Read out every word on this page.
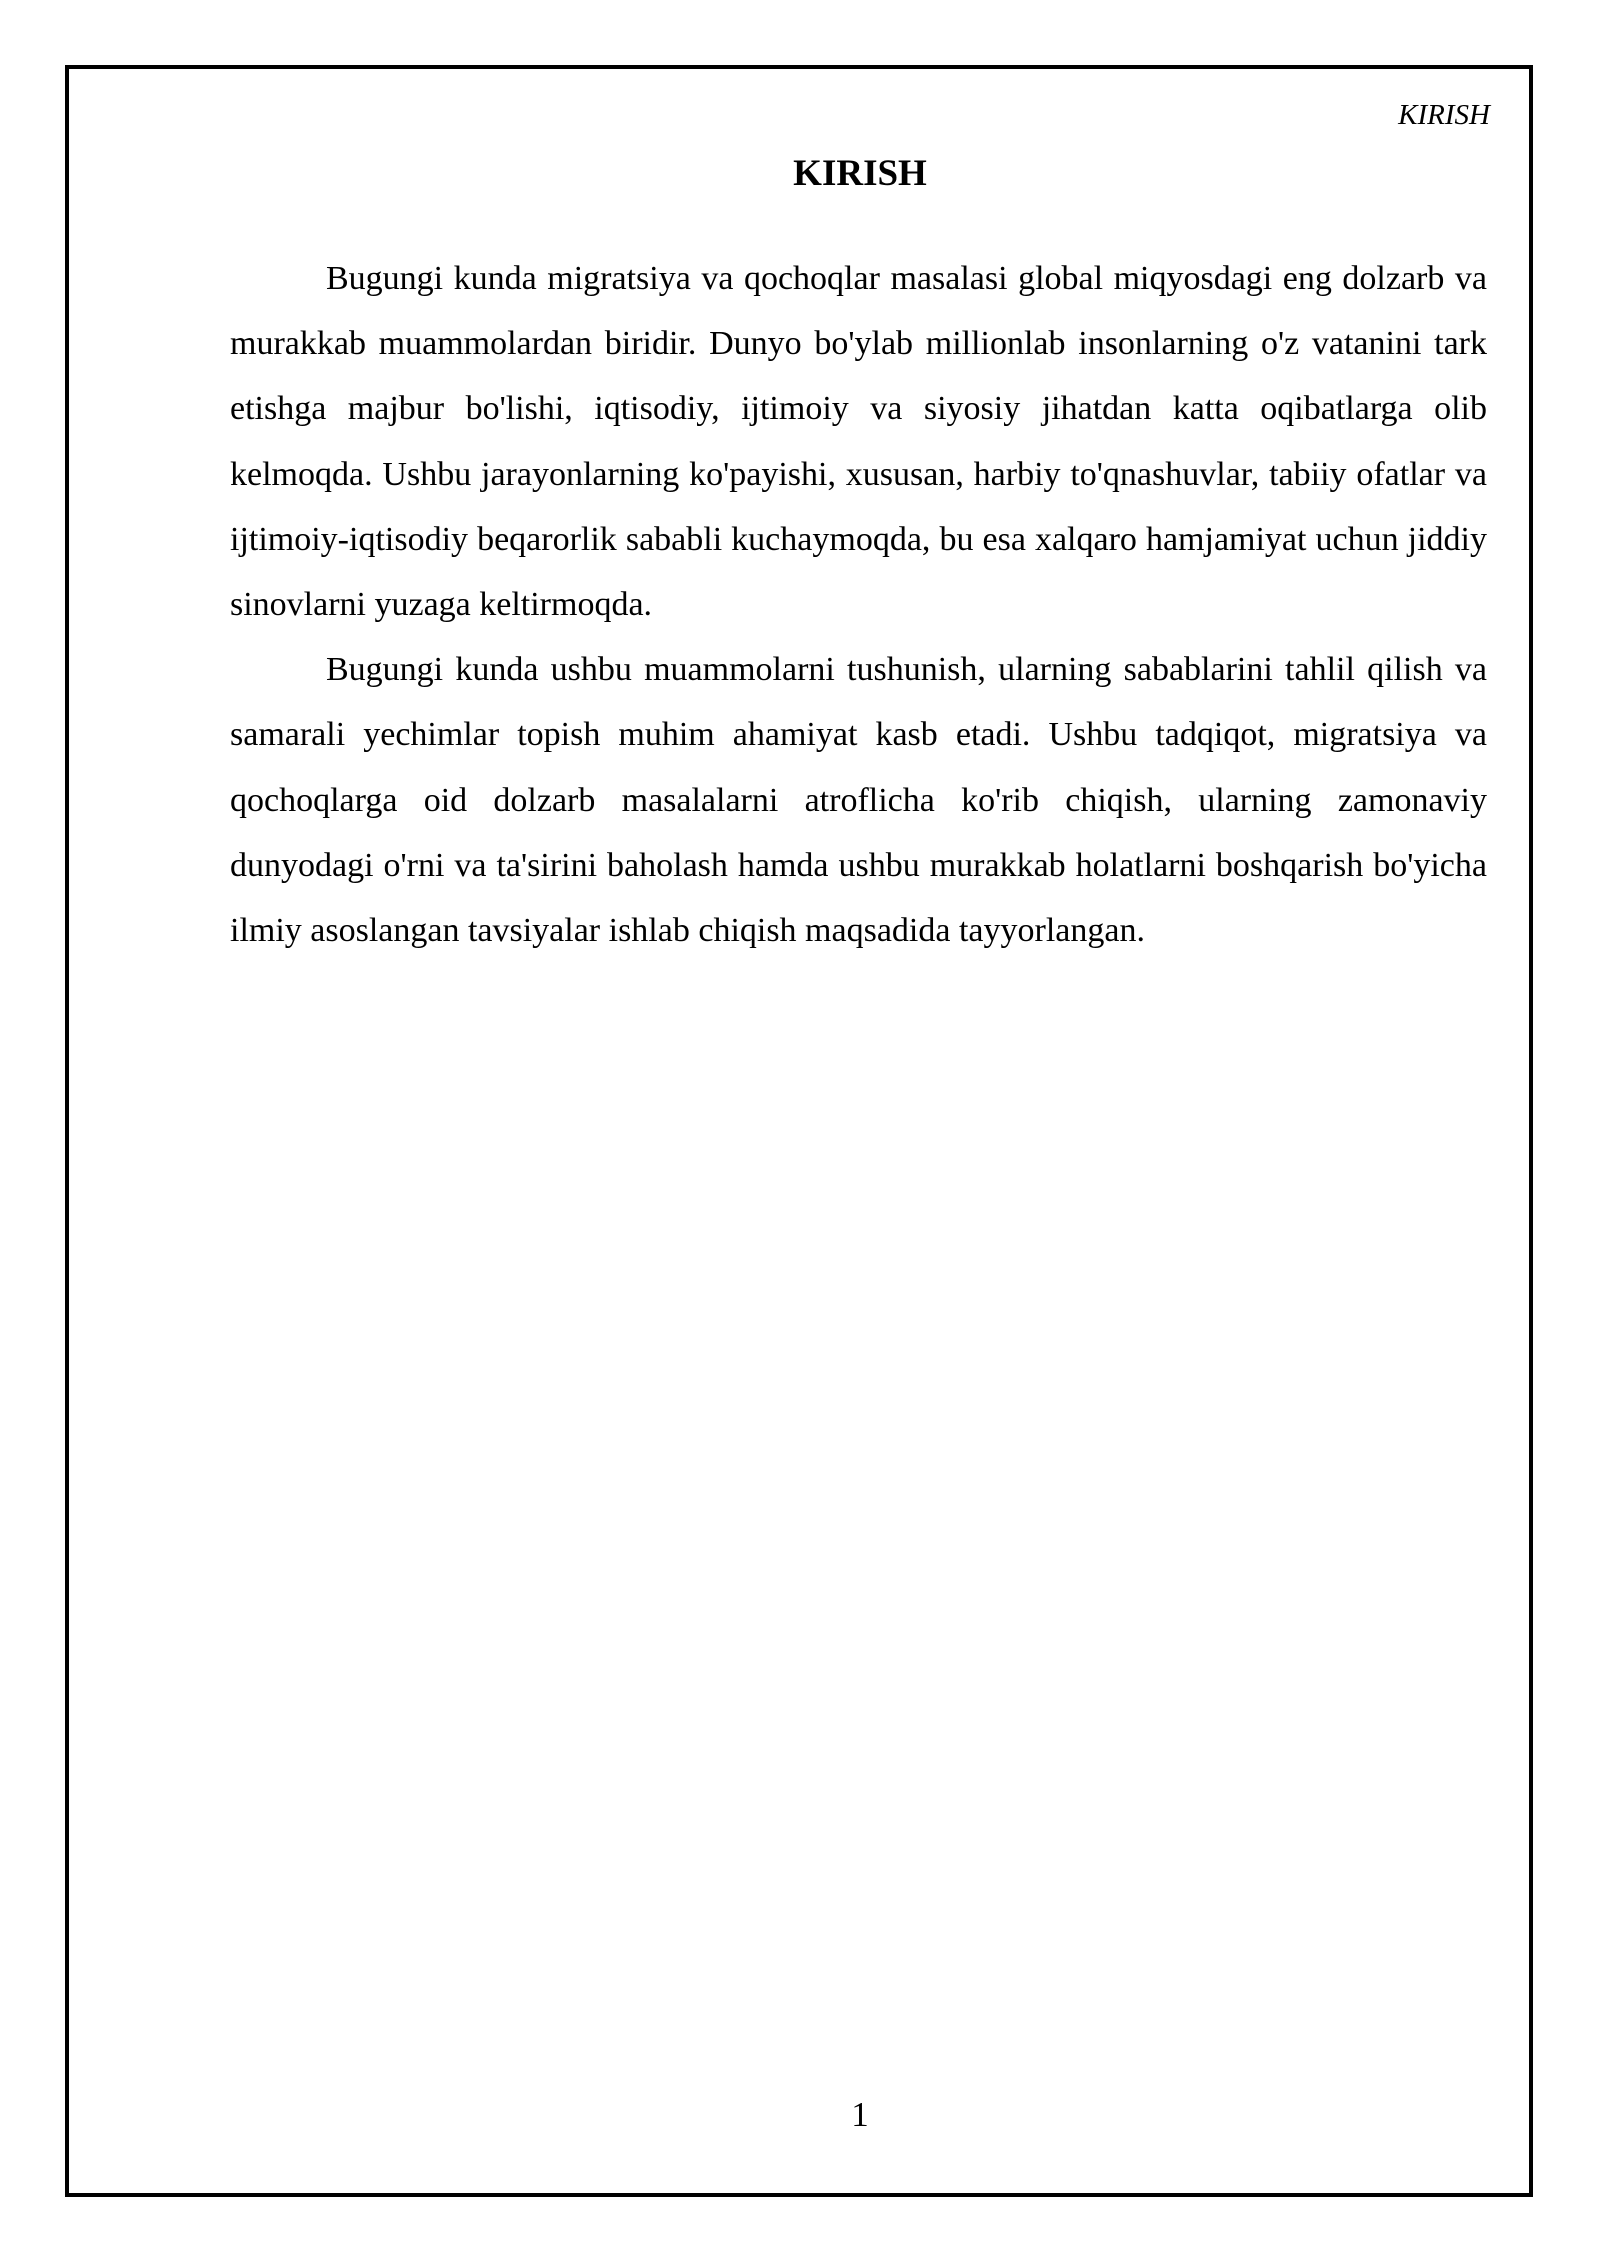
KIRISH
KIRISH

Bugungi kunda migratsiya va qochoqlar masalasi global miqyosdagi eng dolzarb va murakkab muammolardan biridir. Dunyo bo'ylab millionlab insonlarning o'z vatanini tark etishga majbur bo'lishi, iqtisodiy, ijtimoiy va siyosiy jihatdan katta oqibatlarga olib kelmoqda. Ushbu jarayonlarning ko'payishi, xususan, harbiy to'qnashuvlar, tabiiy ofatlar va ijtimoiy-iqtisodiy beqarorlik sababli kuchaymoqda, bu esa xalqaro hamjamiyat uchun jiddiy sinovlarni yuzaga keltirmoqda.

Bugungi kunda ushbu muammolarni tushunish, ularning sabablarini tahlil qilish va samarali yechimlar topish muhim ahamiyat kasb etadi. Ushbu tadqiqot, migratsiya va qochoqlarga oid dolzarb masalalarni atroflicha ko'rib chiqish, ularning zamonaviy dunyodagi o'rni va ta'sirini baholash hamda ushbu murakkab holatlarni boshqarish bo'yicha ilmiy asoslangan tavsiyalar ishlab chiqish maqsadida tayyorlangan.

1
